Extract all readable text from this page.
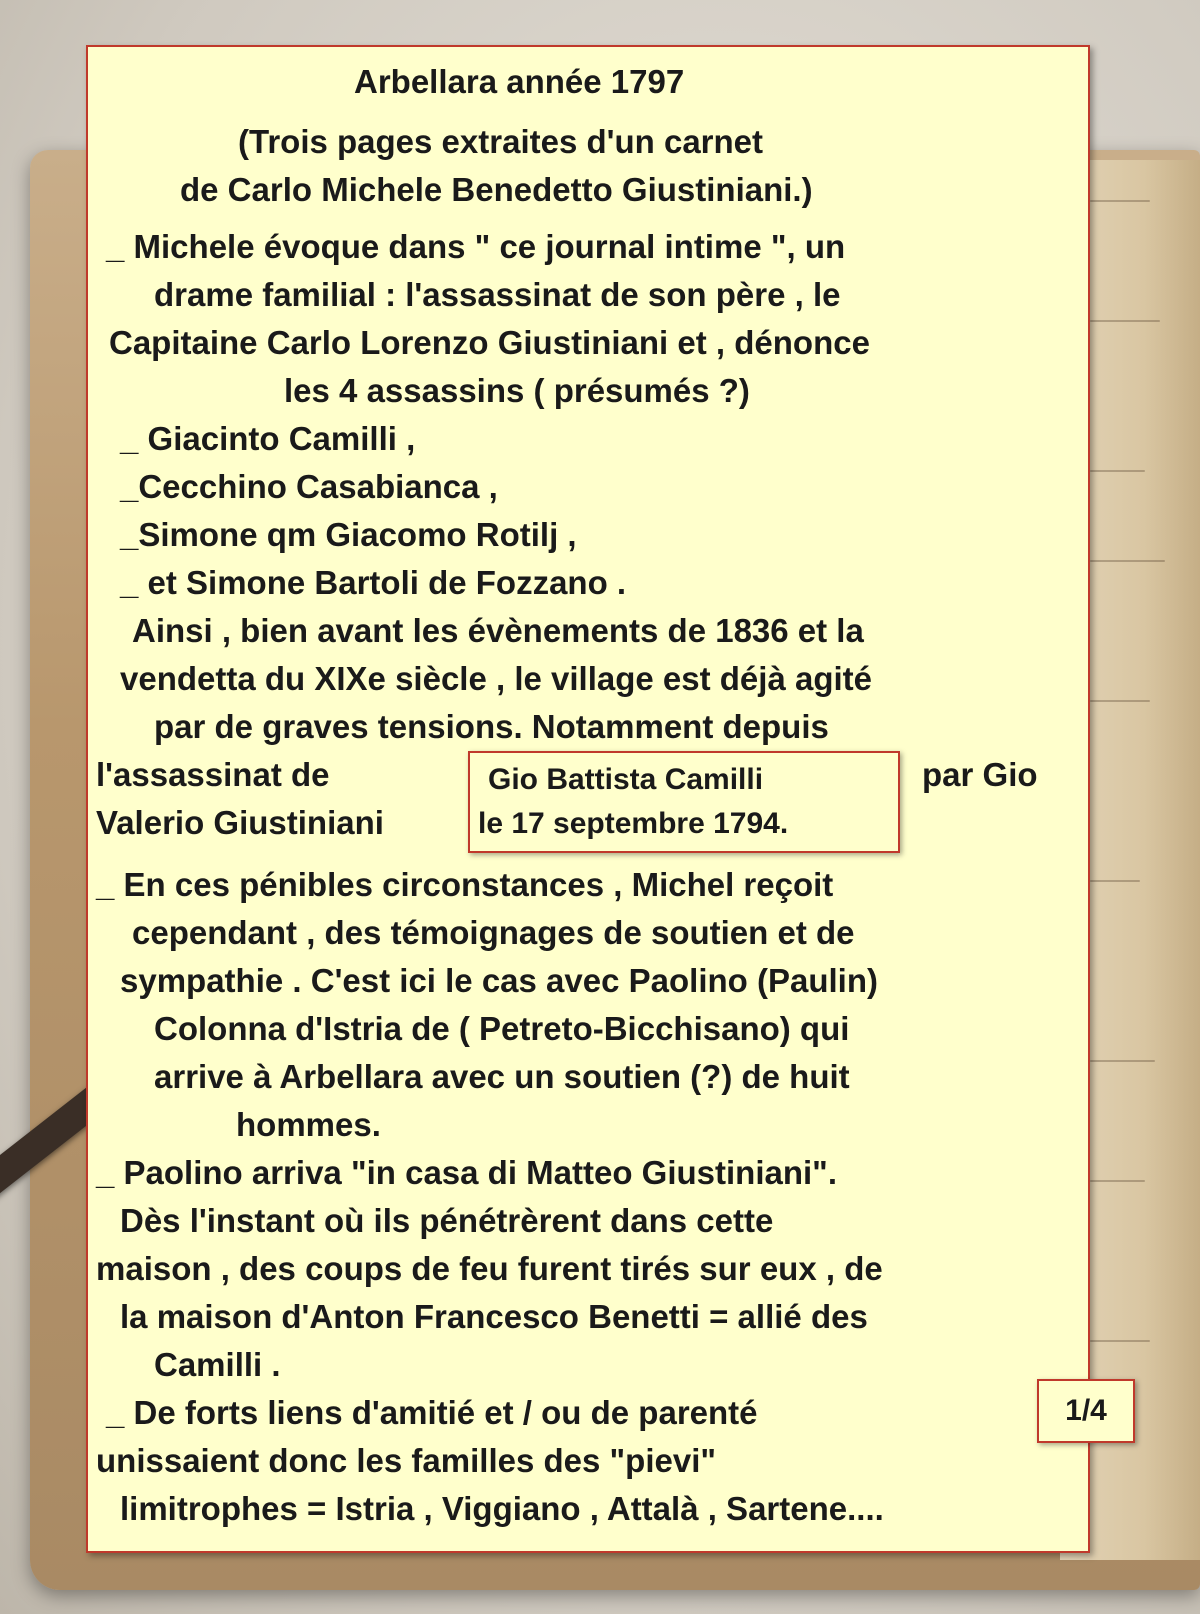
Arbellara année 1797
(Trois pages extraites d'un carnet
de Carlo Michele Benedetto Giustiniani.)
_ Michele évoque dans " ce journal intime ", un
drame familial : l'assassinat de son père , le
Capitaine Carlo Lorenzo Giustiniani et , dénonce
les 4 assassins ( présumés ?)
_ Giacinto Camilli ,
_Cecchino Casabianca ,
_Simone qm Giacomo Rotilj ,
_ et Simone Bartoli de Fozzano .
Ainsi , bien avant les évènements de 1836 et la
vendetta du XIXe siècle , le village est déjà agité
par de graves tensions. Notamment depuis
l'assassinat de	par Gio
Valerio Giustiniani
_ En ces pénibles circonstances , Michel reçoit
cependant , des témoignages de soutien et de
sympathie . C'est ici le cas avec Paolino (Paulin)
Colonna d'Istria de ( Petreto-Bicchisano) qui
arrive à Arbellara avec un soutien (?) de huit
hommes.
_ Paolino arriva "in casa di Matteo Giustiniani".
Dès l'instant où ils pénétrèrent dans cette
maison , des coups de feu furent tirés sur eux , de
la maison d'Anton Francesco Benetti = allié des
Camilli .
_ De forts liens d'amitié et / ou de parenté
unissaient donc les familles des "pievi"
limitrophes = Istria , Viggiano , Attalà , Sartene....
Gio Battista Camilli
le 17 septembre 1794.
1/4
